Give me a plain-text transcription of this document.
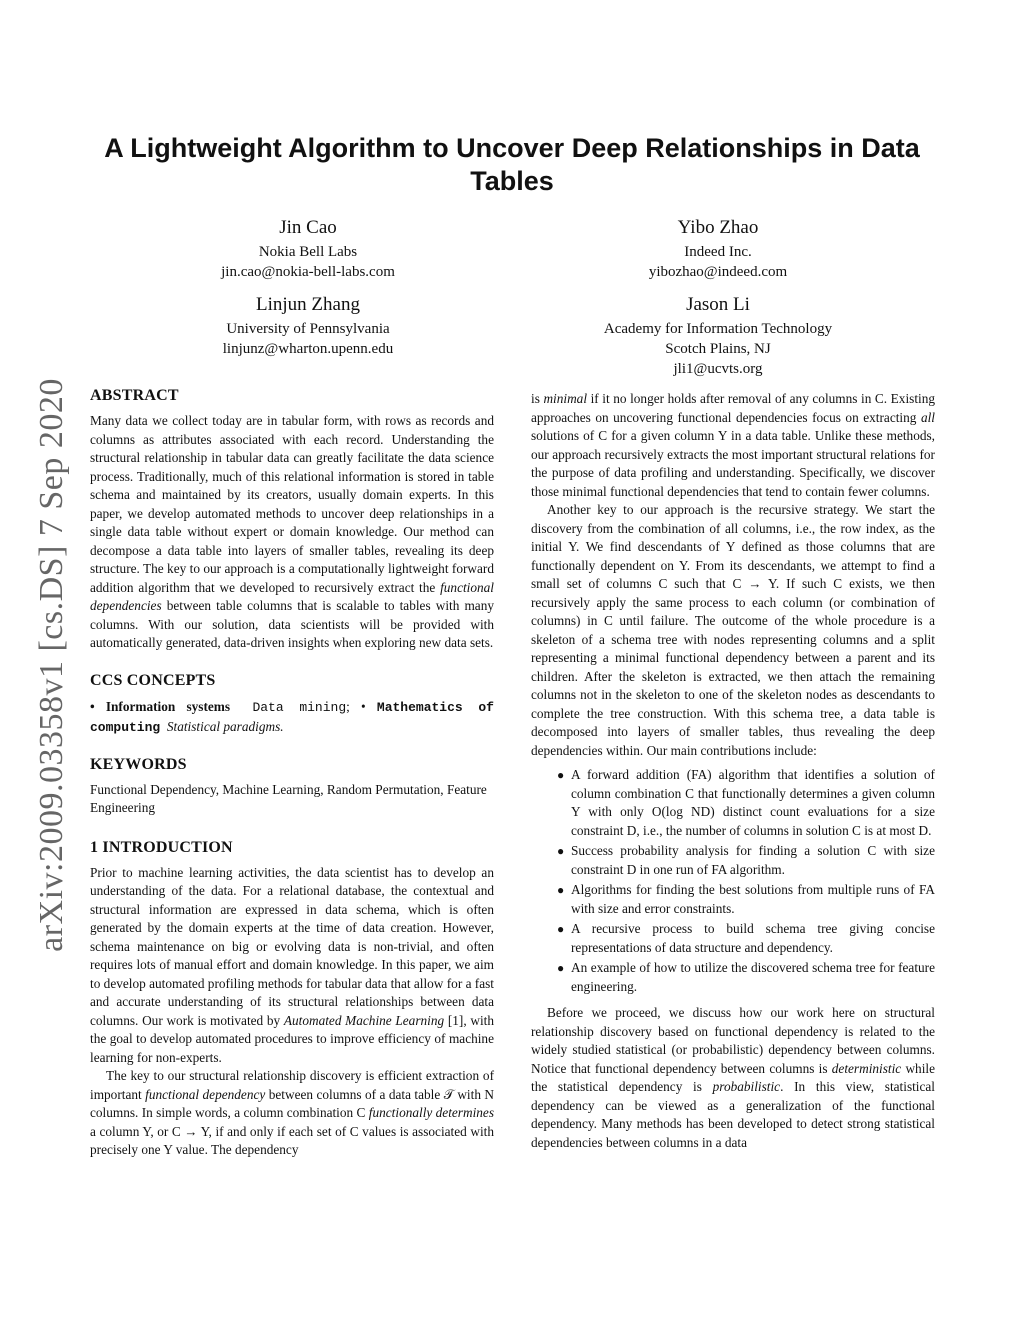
arXiv:2009.03358v1 [cs.DS] 7 Sep 2020
A Lightweight Algorithm to Uncover Deep Relationships in Data Tables
Jin Cao
Nokia Bell Labs
jin.cao@nokia-bell-labs.com
Yibo Zhao
Indeed Inc.
yibozhao@indeed.com
Linjun Zhang
University of Pennsylvania
linjunz@wharton.upenn.edu
Jason Li
Academy for Information Technology
Scotch Plains, NJ
jli1@ucvts.org
ABSTRACT

Many data we collect today are in tabular form, with rows as records and columns as attributes associated with each record. Understanding the structural relationship in tabular data can greatly facilitate the data science process. Traditionally, much of this relational information is stored in table schema and maintained by its creators, usually domain experts. In this paper, we develop automated methods to uncover deep relationships in a single data table without expert or domain knowledge. Our method can decompose a data table into layers of smaller tables, revealing its deep structure. The key to our approach is a computationally lightweight forward addition algorithm that we developed to recursively extract the functional dependencies between table columns that is scalable to tables with many columns. With our solution, data scientists will be provided with automatically generated, data-driven insights when exploring new data sets.

CCS CONCEPTS
• Information systems Data mining; • Mathematics of computing Statistical paradigms.
KEYWORDS

Functional Dependency, Machine Learning, Random Permutation, Feature Engineering

1 INTRODUCTION

Prior to machine learning activities, the data scientist has to develop an understanding of the data. For a relational database, the contextual and structural information are expressed in data schema, which is often generated by the domain experts at the time of data creation. However, schema maintenance on big or evolving data is non-trivial, and often requires lots of manual effort and domain knowledge. In this paper, we aim to develop automated profiling methods for tabular data that allow for a fast and accurate understanding of its structural relationships between data columns. Our work is motivated by Automated Machine Learning [1], with the goal to develop automated procedures to improve efficiency of machine learning for non-experts.

The key to our structural relationship discovery is efficient extraction of important functional dependency between columns of a data table 𝒯 with N columns. In simple words, a column combination C functionally determines a column Y, or C → Y, if and only if each set of C values is associated with precisely one Y value. The dependency

is minimal if it no longer holds after removal of any columns in C. Existing approaches on uncovering functional dependencies focus on extracting all solutions of C for a given column Y in a data table. Unlike these methods, our approach recursively extracts the most important structural relations for the purpose of data profiling and understanding. Specifically, we discover those minimal functional dependencies that tend to contain fewer columns.

Another key to our approach is the recursive strategy. We start the discovery from the combination of all columns, i.e., the row index, as the initial Y. We find descendants of Y defined as those columns that are functionally dependent on Y. From its descendants, we attempt to find a small set of columns C such that C → Y. If such C exists, we then recursively apply the same process to each column (or combination of columns) in C until failure. The outcome of the whole procedure is a skeleton of a schema tree with nodes representing columns and a split representing a minimal functional dependency between a parent and its children. After the skeleton is extracted, we then attach the remaining columns not in the skeleton to one of the skeleton nodes as descendants to complete the tree construction. With this schema tree, a data table is decomposed into layers of smaller tables, thus revealing the deep dependencies within. Our main contributions include:

● A forward addition (FA) algorithm that identifies a solution of column combination C that functionally determines a given column Y with only O(log ND) distinct count evaluations for a size constraint D, i.e., the number of columns in solution C is at most D.
● Success probability analysis for finding a solution C with size constraint D in one run of FA algorithm.
● Algorithms for finding the best solutions from multiple runs of FA with size and error constraints.
● A recursive process to build schema tree giving concise representations of data structure and dependency.
● An example of how to utilize the discovered schema tree for feature engineering.

Before we proceed, we discuss how our work here on structural relationship discovery based on functional dependency is related to the widely studied statistical (or probabilistic) dependency between columns. Notice that functional dependency between columns is deterministic while the statistical dependency is probabilistic. In this view, statistical dependency can be viewed as a generalization of the functional dependency. Many methods has been developed to detect strong statistical dependencies between columns in a data
